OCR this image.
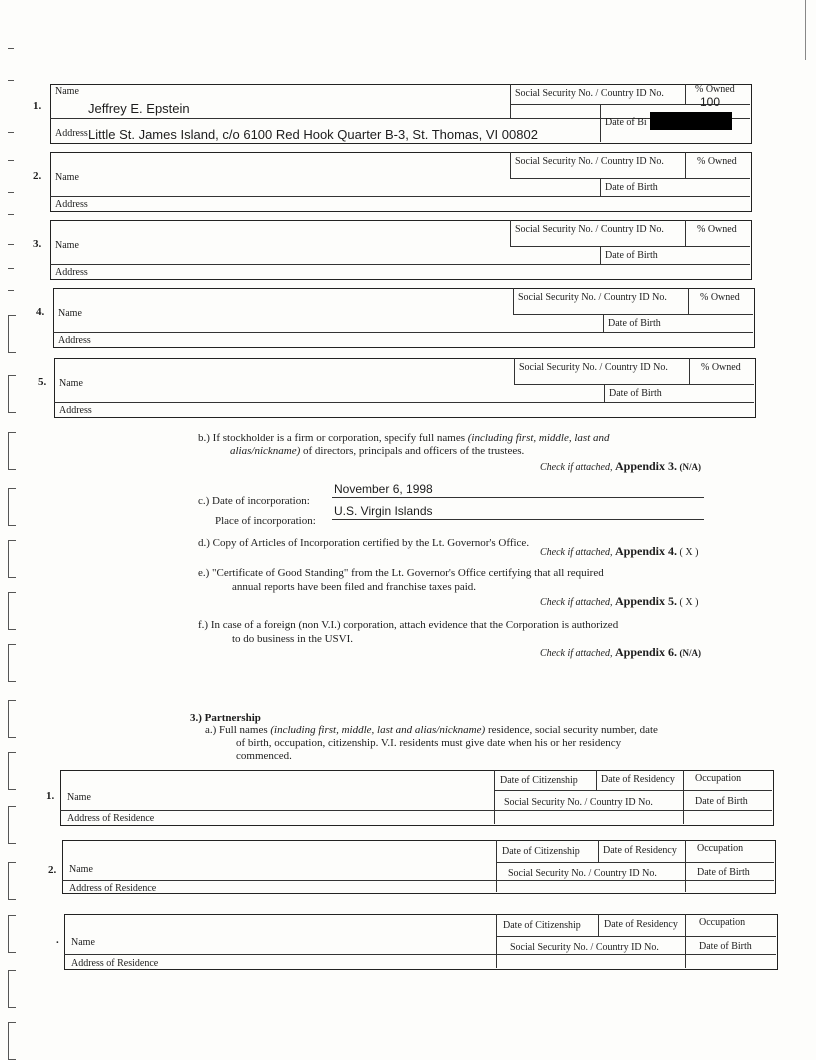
1.
Name
Jeffrey E. Epstein
Social Security No. / Country ID No.	% Owned
100
Date of Bi
Address Little St. James Island, c/o 6100 Red Hook Quarter B-3, St. Thomas, VI 00802
2. Name
Social Security No. / Country ID No.	% Owned
Date of Birth
Address
3. Name
Social Security No. / Country ID No.	% Owned
Date of Birth
Address
4. Name
Social Security No. / Country ID No.	% Owned
Date of Birth
Address
5. Name
Social Security No. / Country ID No.	% Owned
Date of Birth
Address
b.) If stockholder is a firm or corporation, specify full names (including first, middle, last and
alias/nickname) of directors, principals and officers of the trustees.
Check if attached, Appendix 3. (N/A)
c.) Date of incorporation:
November 6, 1998
Place of incorporation:
U.S. Virgin Islands
d.) Copy of Articles of Incorporation certified by the Lt. Governor's Office.
Check if attached, Appendix 4. ( X )
e.) "Certificate of Good Standing" from the Lt. Governor's Office certifying that all required
annual reports have been filed and franchise taxes paid.
Check if attached, Appendix 5. ( X )
f.) In case of a foreign (non V.I.) corporation, attach evidence that the Corporation is authorized
to do business in the USVI.
Check if attached, Appendix 6. (N/A)
3.) Partnership
a.) Full names (including first, middle, last and alias/nickname) residence, social security number, date
of birth, occupation, citizenship. V.I. residents must give date when his or her residency
commenced.
1. Name
Date of Citizenship Date of Residency Occupation
Social Security No. / Country ID No.	Date of Birth
Address of Residence
2. Name
Date of Citizenship Date of Residency Occupation
Social Security No. / Country ID No.	Date of Birth
Address of Residence
. Name
Date of Citizenship Date of Residency Occupation
Social Security No. / Country ID No.	Date of Birth
Address of Residence
